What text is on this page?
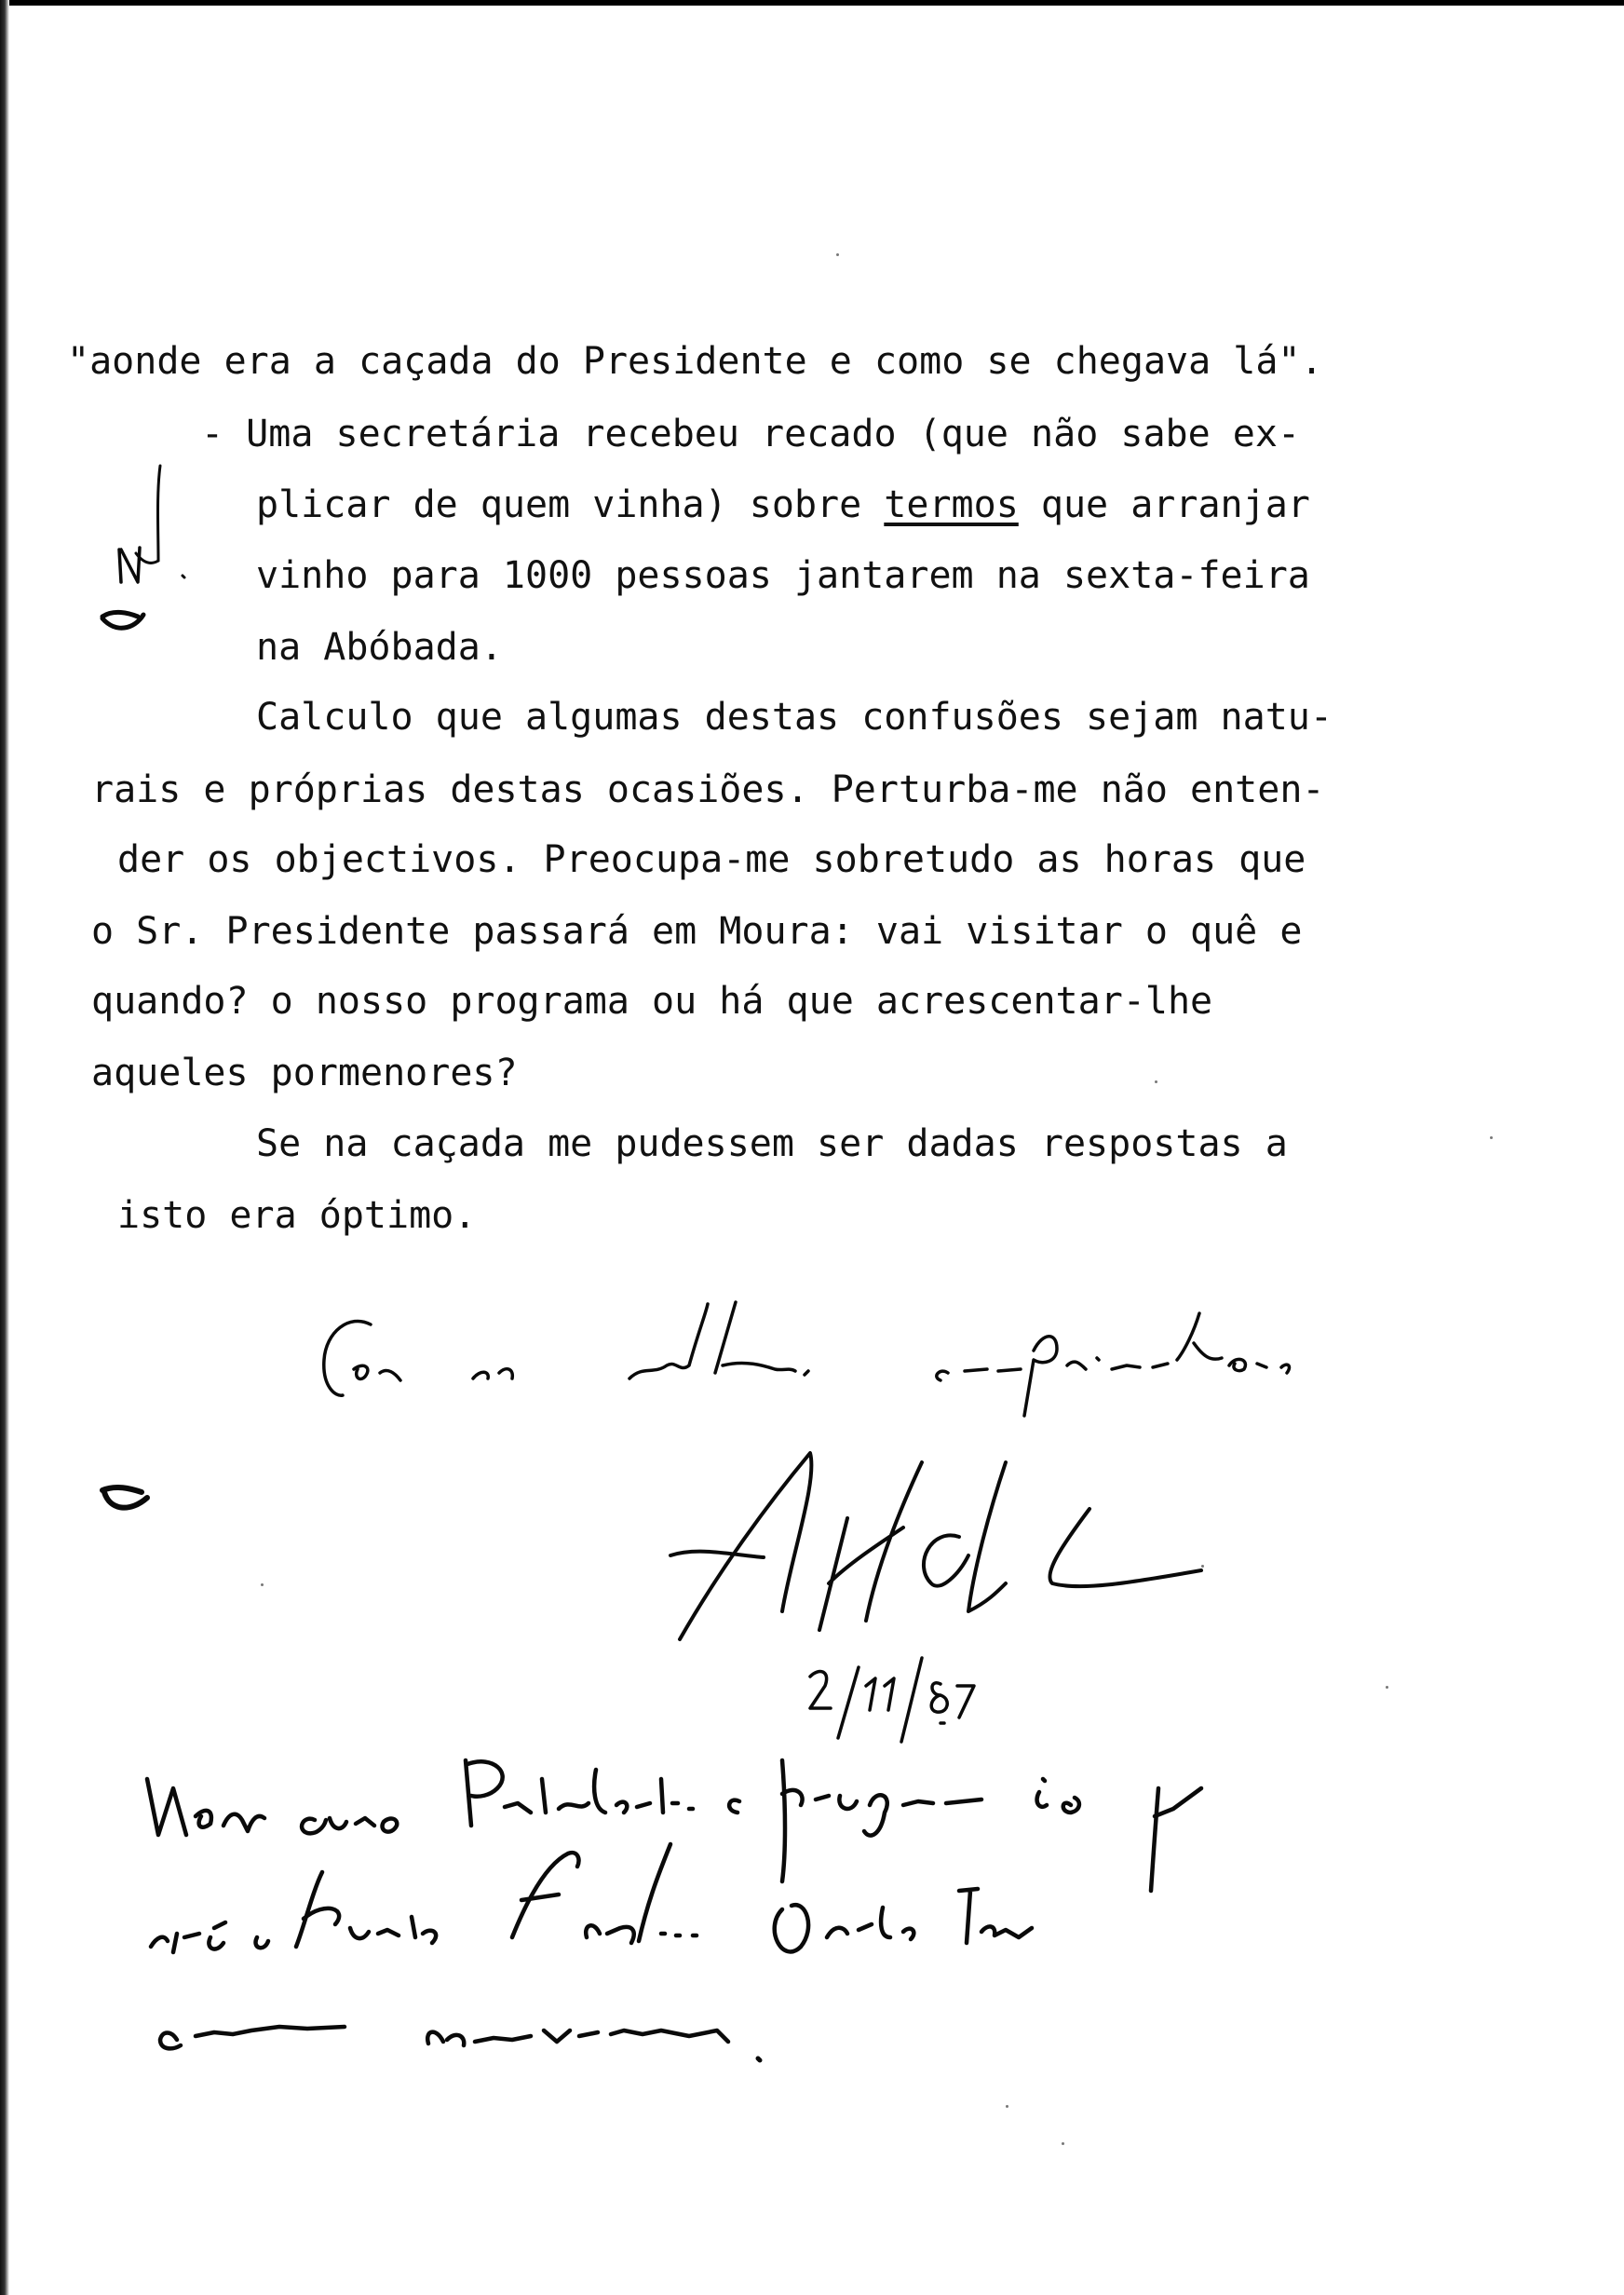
"aonde era a caçada do Presidente e como se chegava lá".
- Uma secretária recebeu recado (que não sabe ex-
plicar de quem vinha) sobre termos que arranjar
vinho para 1000 pessoas jantarem na sexta-feira
na Abóbada.
Calculo que algumas destas confusões sejam natu-
rais e próprias destas ocasiões. Perturba-me não enten-
der os objectivos. Preocupa-me sobretudo as horas que
o Sr. Presidente passará em Moura: vai visitar o quê e
quando? o nosso programa ou há que acrescentar-lhe
aqueles pormenores?
Se na caçada me pudessem ser dadas respostas a
isto era óptimo.
